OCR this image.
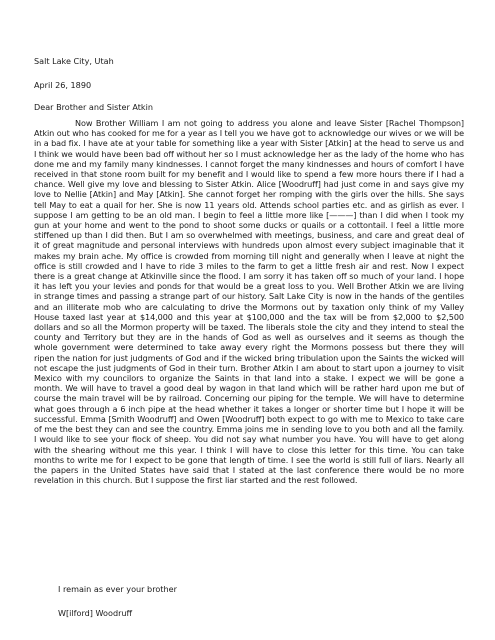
Salt Lake City, Utah
April 26, 1890
Dear Brother and Sister Atkin
Now Brother William I am not going to address you alone and leave Sister [Rachel Thompson] Atkin out who has cooked for me for a year as I tell you we have got to acknowledge our wives or we will be in a bad fix. I have ate at your table for something like a year with Sister [Atkin] at the head to serve us and I think we would have been bad off without her so I must acknowledge her as the lady of the home who has done me and my family many kindnesses. I cannot forget the many kindnesses and hours of comfort I have received in that stone room built for my benefit and I would like to spend a few more hours there if I had a chance. Well give my love and blessing to Sister Atkin. Alice [Woodruff] had just come in and says give my love to Nellie [Atkin] and May [Atkin]. She cannot forget her romping with the girls over the hills. She says tell May to eat a quail for her. She is now 11 years old. Attends school parties etc. and as girlish as ever. I suppose I am getting to be an old man. I begin to feel a little more like [———] than I did when I took my gun at your home and went to the pond to shoot some ducks or quails or a cottontail. I feel a little more stiffened up than I did then. But I am so overwhelmed with meetings, business, and care and great deal of it of great magnitude and personal interviews with hundreds upon almost every subject imaginable that it makes my brain ache. My office is crowded from morning till night and generally when I leave at night the office is still crowded and I have to ride 3 miles to the farm to get a little fresh air and rest. Now I expect there is a great change at Atkinville since the flood. I am sorry it has taken off so much of your land. I hope it has left you your levies and ponds for that would be a great loss to you. Well Brother Atkin we are living in strange times and passing a strange part of our history. Salt Lake City is now in the hands of the gentiles and an illiterate mob who are calculating to drive the Mormons out by taxation only think of my Valley House taxed last year at $14,000 and this year at $100,000 and the tax will be from $2,000 to $2,500 dollars and so all the Mormon property will be taxed. The liberals stole the city and they intend to steal the county and Territory but they are in the hands of God as well as ourselves and it seems as though the whole government were determined to take away every right the Mormons possess but there they will ripen the nation for just judgments of God and if the wicked bring tribulation upon the Saints the wicked will not escape the just judgments of God in their turn. Brother Atkin I am about to start upon a journey to visit Mexico with my councilors to organize the Saints in that land into a stake. I expect we will be gone a month. We will have to travel a good deal by wagon in that land which will be rather hard upon me but of course the main travel will be by railroad. Concerning our piping for the temple. We will have to determine what goes through a 6 inch pipe at the head whether it takes a longer or shorter time but I hope it will be successful. Emma [Smith Woodruff] and Owen [Woodruff] both expect to go with me to Mexico to take care of me the best they can and see the country. Emma joins me in sending love to you both and all the family. I would like to see your flock of sheep. You did not say what number you have. You will have to get along with the shearing without me this year. I think I will have to close this letter for this time. You can take months to write me for I expect to be gone that length of time. I see the world is still full of liars. Nearly all the papers in the United States have said that I stated at the last conference there would be no more revelation in this church. But I suppose the first liar started and the rest followed.
I remain as ever your brother
W[ilford] Woodruff
